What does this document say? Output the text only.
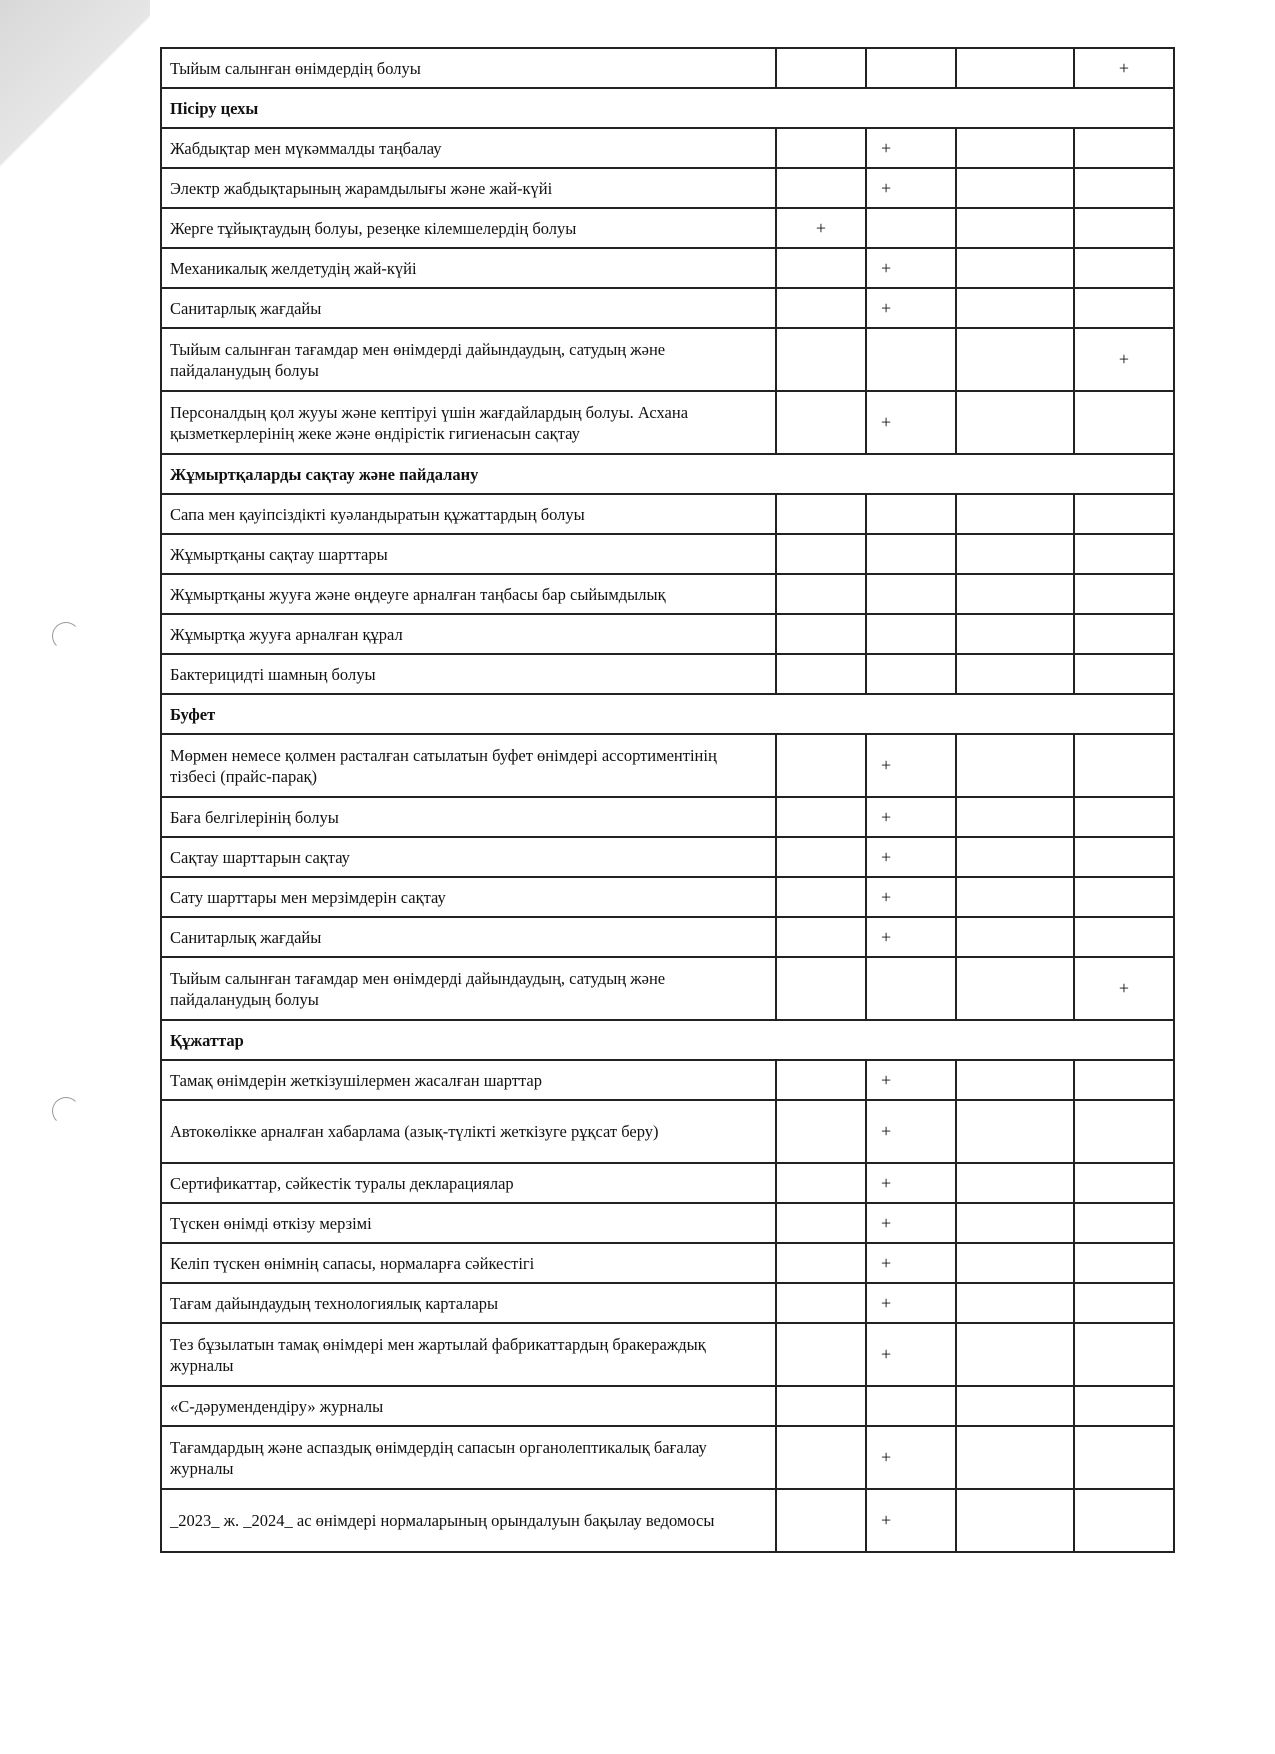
Тыйым салынған өнімдердің болуы				+
Пісіру цехы				
Жабдықтар мен мүкәммалды таңбалау		+		
Электр жабдықтарының жарамдылығы және жай-күйі		+		
Жерге тұйықтаудың болуы, резеңке кілемшелердің болуы	+			
Механикалық желдетудің жай-күйі		+		
Санитарлық жағдайы		+		
Тыйым салынған тағамдар мен өнімдерді дайындаудың, сатудың және пайдаланудың болуы				+
Персоналдың қол жууы және кептіруі үшін жағдайлардың болуы. Асхана қызметкерлерінің жеке және өндірістік гигиенасын сақтау		+		
Жұмыртқаларды сақтау және пайдалану				
Сапа мен қауіпсіздікті куәландыратын құжаттардың болуы				
Жұмыртқаны сақтау шарттары				
Жұмыртқаны жууға және өңдеуге арналған таңбасы бар сыйымдылық				
Жұмыртқа жууға арналған құрал				
Бактерицидті шамның болуы				
Буфет				
Мөрмен немесе қолмен расталған сатылатын буфет өнімдері ассортиментінің тізбесі (прайс-парақ)		+		
Баға белгілерінің болуы		+		
Сақтау шарттарын сақтау		+		
Сату шарттары мен мерзімдерін сақтау		+		
Санитарлық жағдайы		+		
Тыйым салынған тағамдар мен өнімдерді дайындаудың, сатудың және пайдаланудың болуы				+
Құжаттар				
Тамақ өнімдерін жеткізушілермен жасалған шарттар		+		
Автокөлікке арналған хабарлама (азық-түлікті жеткізуге рұқсат беру)		+		
Сертификаттар, сәйкестік туралы декларациялар		+		
Түскен өнімді өткізу мерзімі		+		
Келіп түскен өнімнің сапасы, нормаларға сәйкестігі		+		
Тағам дайындаудың технологиялық карталары		+		
Тез бұзылатын тамақ өнімдері мен жартылай фабрикаттардың бракераждық журналы		+		
«С-дәрумендендіру» журналы				
Тағамдардың және аспаздық өнімдердің сапасын органолептикалық бағалау журналы		+		
_2023_ ж. _2024_ ас өнімдері нормаларының орындалуын бақылау ведомосы		+		
